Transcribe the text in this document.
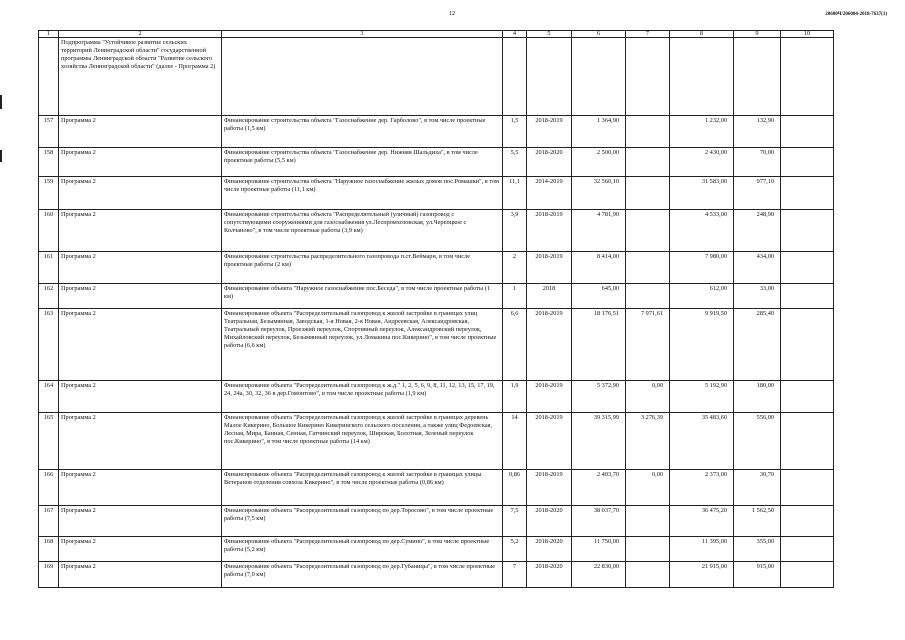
12	20600Ч/206004-2018-7637(1)
1	2	3	4	5	6	7	8	9	10
	Подпрограмма "Устойчивое развитие сельских территорий Ленинградской области" государственной программы Ленинградской области "Развитие сельского хозяйства Ленинградской области" (далее - Программа 2)								
157	Программа 2	Финансирование строительства объекта "Газоснабжение дер. Гарболово", в том числе проектные работы (1,5 км)	1,5	2018-2019	1 364,90		1 232,00	132,90	
158	Программа 2	Финансирование строительства объекта "Газоснабжение дер. Нижняя Шальдиха", в том числе проектные работы (5,5 км)	5,5	2018-2020	2 500,00		2 430,00	70,00	
159	Программа 2	Финансирование строительства объекта "Наружное газоснабжение жилых домов пос.Ромашки", в том числе проектные работы (11,1 км)	11,1	2014-2019	32 560,10		31 583,00	977,10	
160	Программа 2	Финансирование строительства объекта "Распределительный (уличный) газопровод с сопутствующими сооружениями для газоснабжения ул.Леспромхозовская, ул.Черепцкое с Колчаново", в том числе проектные работы (3,9 км)	3,9	2018-2019	4 781,90		4 533,00	248,90	
161	Программа 2	Финансирование строительства распределительного газопровода п.ст.Веймарн, в том числе проектные работы (2 км)	2	2018-2019	8 414,00		7 980,00	434,00	
162	Программа 2	Финансирование объекта "Наружное газоснабжение пос.Беседа", в том числе проектные работы (1 км)	1	2018	645,00		612,00	33,00	
163	Программа 2	Финансирование объекта "Распределительный газопровод к жилой застройке в границах улиц Театральная, Безымянная, Заводская, 1-я Новая, 2-я Новая, Андреевская, Александровская, Театральный переулок, Проезжий переулок, Спортивный переулок, Александровский переулок, Михайловский переулок, Безымянный переулок, ул.Ломакина пос.Кикерино", в том числе проектные работы (6,6 км)	6,6	2018-2019	18 176,51	7 971,61	9 919,50	285,40	
164	Программа 2	Финансирование объекта "Распределительный газопровод к ж.д." 1, 2, 5, 6, 9, 8, 11, 12, 13, 15, 17, 19, 24, 24a, 30, 32, 36 в дер.Гомонтово", в том числе проектные работы (1,9 км)	1,9	2018-2019	5 372,90	0,00	5 192,90	180,00	
165	Программа 2	Финансирование объекта "Распределительный газопровод к жилой застройке в границах деревень Малое Кикерино, Большое Кикерино Кикеринского сельского поселения, а также улиц Федоевская, Лесная, Мира, Банная, Сенная, Гатчинский переулок, Широкая, Болотная, Зеленый переулок пос.Кикерино", в том числе проектные работы (14 км)	14	2018-2019	39 315,99	3 276,39	35 483,60	556,00	
166	Программа 2	Финансирование объекта "Распределительный газопровод к жилой застройке в границах улицы Ветеранов отделения совхоза Кикерино", в том числе проектные работы (0,86 км)	0,86	2018-2019	2 403,70	0,00	2 373,00	30,70	
167	Программа 2	Финансирование объекта "Распределительный газопровод по дер.Торосово", в том числе проектные работы (7,5 км)	7,5	2018-2020	38 037,70		36 475,20	1 562,50	
168	Программа 2	Финансирование объекта "Распределительный газопровод по дер.Сумино", в том числе проектные работы (5,2 км)	5,2	2018-2020	11 750,00		11 395,00	355,00	
169	Программа 2	Финансирование объекта "Распределительный газопровод по дер.Губаницы", в том числе проектные работы (7,0 км)	7	2018-2020	22 830,00		21 915,00	915,00	
